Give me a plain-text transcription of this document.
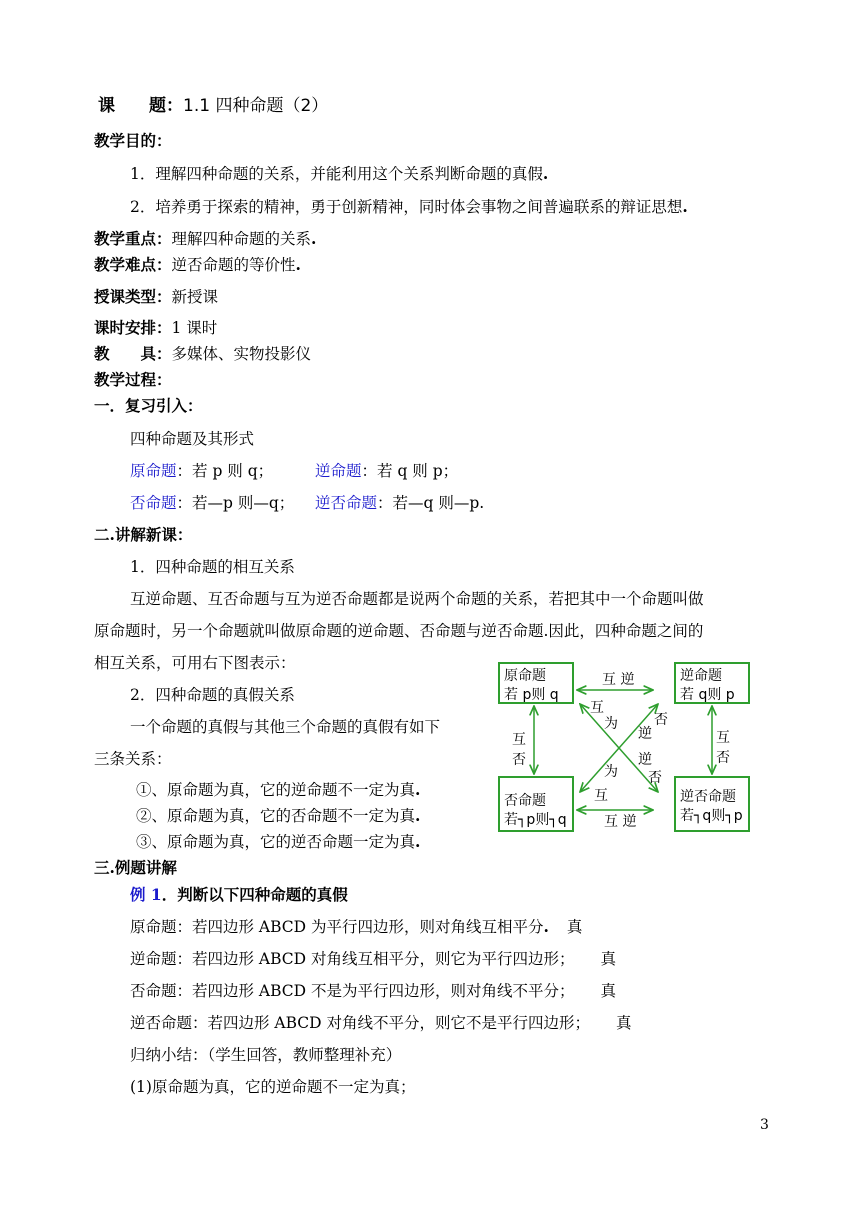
课　　题：1.1 四种命题（2）
教学目的：
1．理解四种命题的关系，并能利用这个关系判断命题的真假.
2．培养勇于探索的精神，勇于创新精神，同时体会事物之间普遍联系的辩证思想.
教学重点：理解四种命题的关系.
教学难点：逆否命题的等价性.
授课类型：新授课
课时安排：1 课时
教　　具：多媒体、实物投影仪
教学过程：
一．复习引入：
四种命题及其形式
原命题：若 p 则 q；	逆命题：若 q 则 p；
否命题：若—p 则—q； 逆否命题：若—q 则—p.
二.讲解新课：
1．四种命题的相互关系
互逆命题、互否命题与互为逆否命题都是说两个命题的关系，若把其中一个命题叫做
原命题时，另一个命题就叫做原命题的逆命题、否命题与逆否命题.因此，四种命题之间的
相互关系，可用右下图表示：
2．四种命题的真假关系
一个命题的真假与其他三个命题的真假有如下
三条关系：
①、原命题为真，它的逆命题不一定为真.
②、原命题为真，它的否命题不一定为真.
③、原命题为真，它的逆否命题一定为真.
原命题
若 p则 q
逆命题
若 q则 p
否命题
若┐p则┐q
逆否命题
若┐q则┐p
互 逆
互 逆
互
否
互
否
互
为
逆
否
互
为
逆
否
三.例题讲解
例 1．判断以下四种命题的真假
原命题：若四边形 ABCD 为平行四边形，则对角线互相平分. 真
逆命题：若四边形 ABCD 对角线互相平分，则它为平行四边形； 真
否命题：若四边形 ABCD 不是为平行四边形，则对角线不平分； 真
逆否命题：若四边形 ABCD 对角线不平分，则它不是平行四边形； 真
归纳小结：（学生回答，教师整理补充）
(1)原命题为真，它的逆命题不一定为真；
3
